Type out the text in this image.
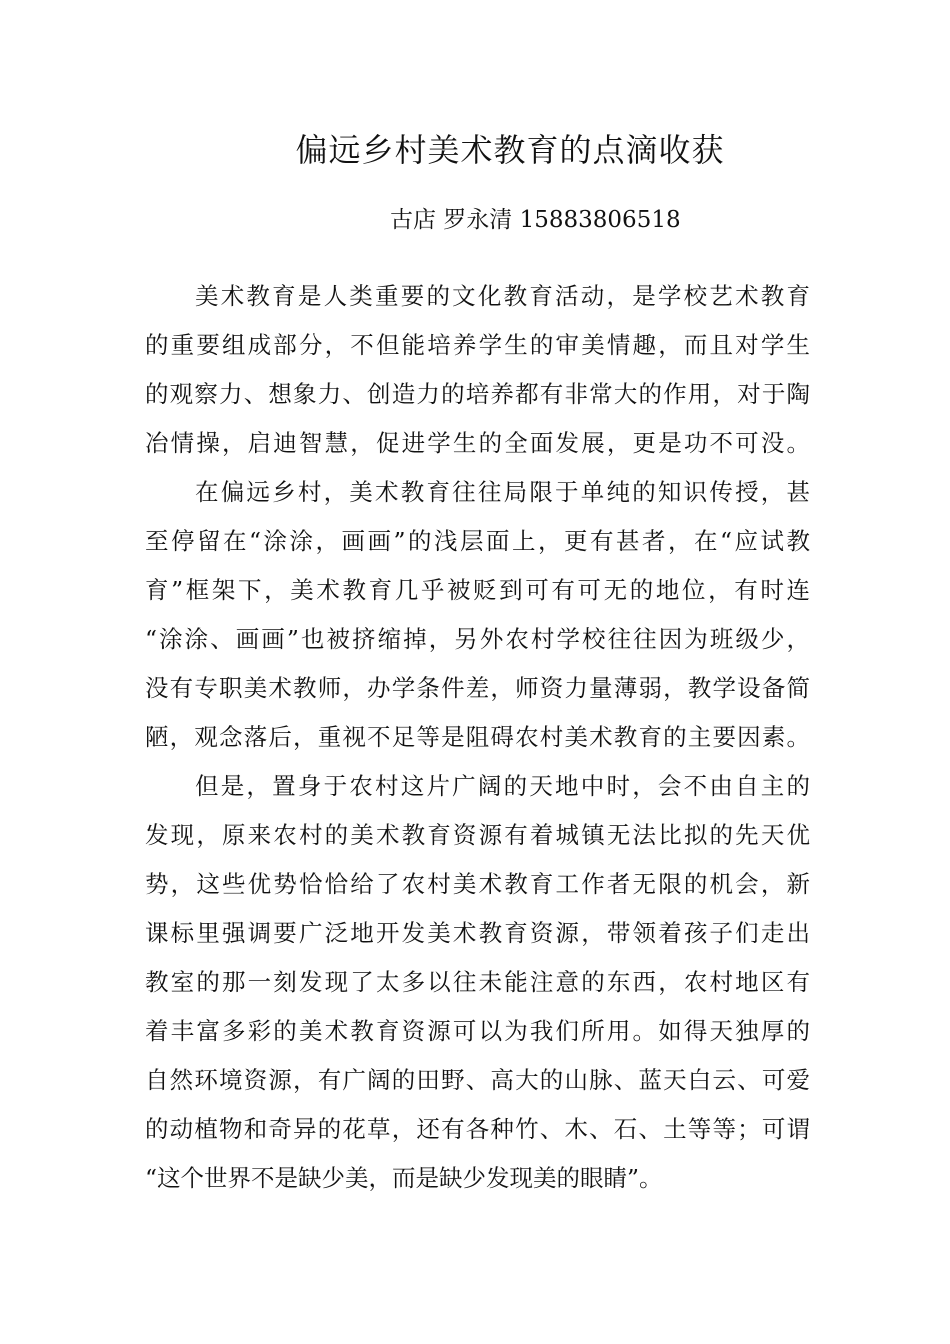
偏远乡村美术教育的点滴收获
古店 罗永清 15883806518
美术教育是人类重要的文化教育活动，是学校艺术教育
的重要组成部分，不但能培养学生的审美情趣，而且对学生
的观察力、想象力、创造力的培养都有非常大的作用，对于陶
冶情操，启迪智慧，促进学生的全面发展，更是功不可没。
在偏远乡村，美术教育往往局限于单纯的知识传授，甚
至停留在“涂涂，画画”的浅层面上，更有甚者，在“应试教
育”框架下，美术教育几乎被贬到可有可无的地位，有时连
“涂涂、画画”也被挤缩掉，另外农村学校往往因为班级少，
没有专职美术教师，办学条件差，师资力量薄弱，教学设备简
陋，观念落后，重视不足等是阻碍农村美术教育的主要因素。
但是，置身于农村这片广阔的天地中时，会不由自主的
发现，原来农村的美术教育资源有着城镇无法比拟的先天优
势，这些优势恰恰给了农村美术教育工作者无限的机会，新
课标里强调要广泛地开发美术教育资源，带领着孩子们走出
教室的那一刻发现了太多以往未能注意的东西，农村地区有
着丰富多彩的美术教育资源可以为我们所用。如得天独厚的
自然环境资源，有广阔的田野、高大的山脉、蓝天白云、可爱
的动植物和奇异的花草，还有各种竹、木、石、土等等；可谓
“这个世界不是缺少美，而是缺少发现美的眼睛”。
